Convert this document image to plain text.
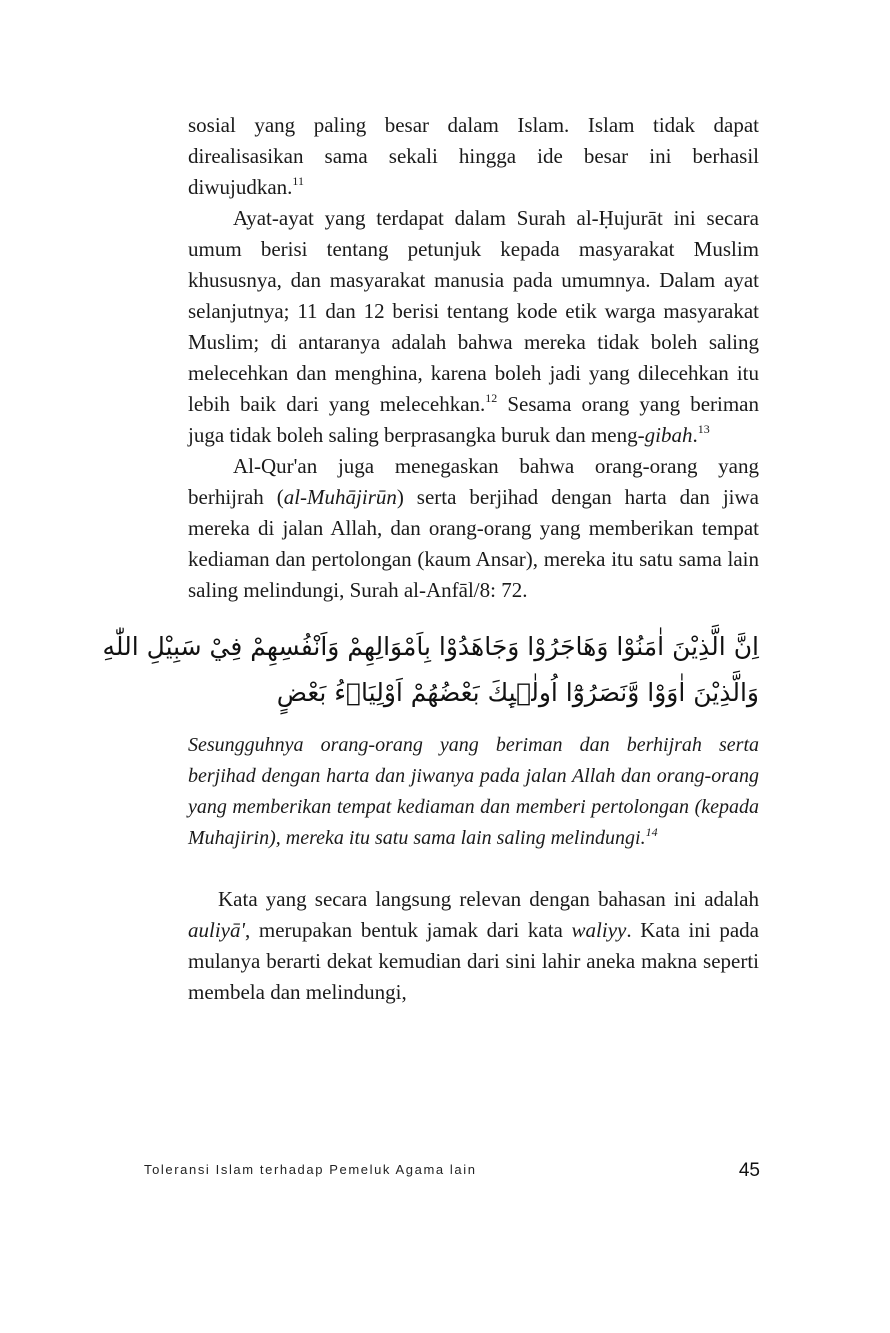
sosial yang paling besar dalam Islam. Islam tidak dapat direalisasikan sama sekali hingga ide besar ini berhasil diwujudkan.$^{11}$

Ayat-ayat yang terdapat dalam Surah al-Ḥujurāt ini secara umum berisi tentang petunjuk kepada masyarakat Muslim khususnya, dan masyarakat manusia pada umumnya. Dalam ayat selanjutnya; 11 dan 12 berisi tentang kode etik warga masyarakat Muslim; di antaranya adalah bahwa mereka tidak boleh saling melecehkan dan menghina, karena boleh jadi yang dilecehkan itu lebih baik dari yang melecehkan.$^{12}$ Sesama orang yang beriman juga tidak boleh saling berprasangka buruk dan meng-gibah.$^{13}$

Al-Qur'an juga menegaskan bahwa orang-orang yang berhijrah (al-Muhājirūn) serta berjihad dengan harta dan jiwa mereka di jalan Allah, dan orang-orang yang memberikan tempat kediaman dan pertolongan (kaum Ansar), mereka itu satu sama lain saling melindungi, Surah al-Anfāl/8: 72.

اِنَّ الَّذِيْنَ اٰمَنُوْا وَهَاجَرُوْا وَجَاهَدُوْا بِاَمْوَالِهِمْ وَاَنْفُسِهِمْ فِيْ سَبِيْلِ اللّٰهِ
وَالَّذِيْنَ اٰوَوْا وَّنَصَرُوْٓا اُولٰۤىِٕكَ بَعْضُهُمْ اَوْلِيَاۤءُ بَعْضٍ

Sesungguhnya orang-orang yang beriman dan berhijrah serta berjihad dengan harta dan jiwanya pada jalan Allah dan orang-orang yang memberikan tempat kediaman dan memberi pertolongan (kepada Muhajirin), mereka itu satu sama lain saling melindungi.$^{14}$

Kata yang secara langsung relevan dengan bahasan ini adalah auliyā', merupakan bentuk jamak dari kata waliyy. Kata ini pada mulanya berarti dekat kemudian dari sini lahir aneka makna seperti membela dan melindungi,

Toleransi Islam terhadap Pemeluk Agama lain	45
